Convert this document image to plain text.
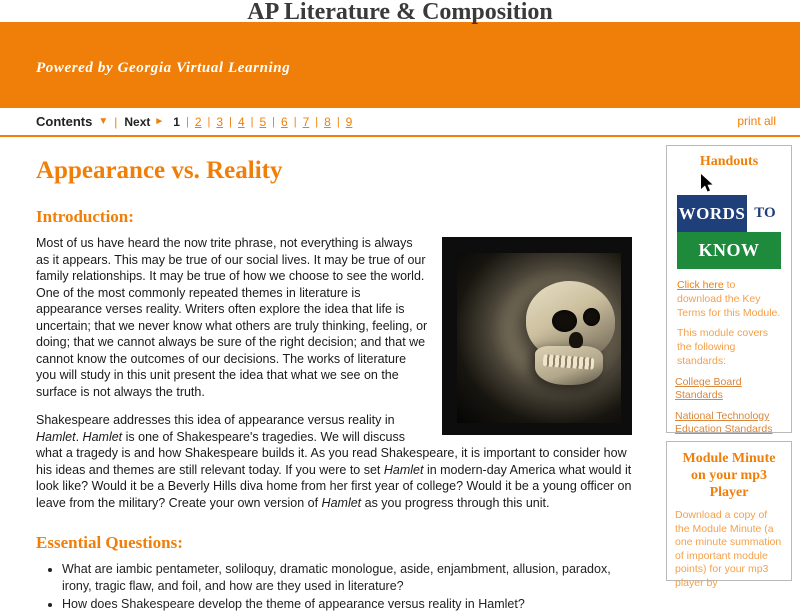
AP Literature & Composition
Powered by Georgia Virtual Learning
Contents ▼ | Next ► 1 | 2 | 3 | 4 | 5 | 6 | 7 | 8 | 9	print all
Appearance vs. Reality
Introduction:

Most of us have heard the now trite phrase, not everything is always as it appears. This may be true of our social lives. It may be true of our family relationships. It may be true of how we choose to see the world. One of the most commonly repeated themes in literature is appearance verses reality. Writers often explore the idea that life is uncertain; that we never know what others are truly thinking, feeling, or doing; that we cannot always be sure of the right decision; and that we cannot know the outcomes of our decisions. The works of literature you will study in this unit present the idea that what we see on the surface is not always the truth.

Shakespeare addresses this idea of appearance versus reality in Hamlet. Hamlet is one of Shakespeare's tragedies. We will discuss what a tragedy is and how Shakespeare builds it. As you read Shakespeare, it is important to consider how his ideas and themes are still relevant today. If you were to set Hamlet in modern-day America what would it look like? Would it be a Beverly Hills diva home from her first year of college? Would it be a young officer on leave from the military? Create your own version of Hamlet as you progress through this unit.

Essential Questions:
• What are iambic pentameter, soliloquy, dramatic monologue, aside, enjambment, allusion, paradox, irony, tragic flaw, and foil, and how are they used in literature?
• How does Shakespeare develop the theme of appearance versus reality in Hamlet?
Handouts
WORDS TO
KNOW
Click here to download the Key Terms for this Module.
This module covers the following standards:
College Board Standards
National Technology Education Standards
Module Minute on your mp3 Player
Download a copy of the Module Minute (a one minute summation of important module points) for your mp3 player by
